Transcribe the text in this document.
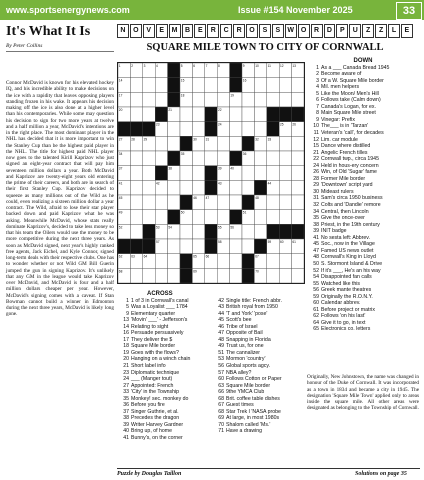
www.sportsenergynews.com	Issue #154 November 2025	33
It's What It Is
By Peter Collins
Connor McDavid is known for his elevated hockey IQ, and his incredible ability to make decisions on the ice with a rapidity that leaves opposing players standing frozen in his wake. It appears his decision making off the ice is also done at a higher level than his contemporaries. While some may question his decision to sign for two more years at twelve and a half million a year, McDavid's intentions are in the right place. The most dominant player in the NHL has decided that it is more important to win the Stanley Cup than be the highest paid player in the NHL. The title for highest paid NHL player now goes to the talented Kirill Kaprizov who just signed an eight-year contract that will pay him seventeen million dollars a year. Both McDavid and Kaprizov are twenty-eight years old entering the prime of their careers, and both are in search of their first Stanley Cup. Kaprizov decided to squeeze as many millions out of the Wild as he could, even realizing a sixteen million dollar a year contract. The Wild, afraid to lose their star player backed down and paid Kaprizov what he was asking. Meanwhile McDavid, whose stats really dominate Kaprizov's, decided to take less money so that his team the Oilers would use the money to be more competitive during the next three years. As soon as McDavid signed, next year's highly ranked free agents, Jack Eichel, and Kyle Connor, signed long-term deals with their respective clubs. One has to wonder whether or not Wild GM Bill Guerin jumped the gun in signing Kaprizov. It's unlikely that any GM in the league would take Kaprizov over McDavid, and McDavid is four and a half million dollars cheaper per year. However, McDavid's signing comes with a caveat. If Stan Bowman cannot build a winner in Edmonton during the next three years, McDavid is likely long gone.
N	O	V	E	M	B	E	R	C	R	O	S	S	W O	R	D	P	U	Z	Z	L	E
SQUARE MILE TOWN TO CITY OF CORNWALL
1	2	3	4	5	6	7	8	9	10	11	12	13
14	15	16
17	18	19
20	21	22
23	24	25	26
27	28	29	30	31	32	33
34	35	36
37	38	39	40
41	42	43	44
45	46	47	48
49	50	51
52	53	54	55	56
57	58	59	60	61
62	63	64	65	66	67
68	69	70
DOWN
1 As a ___ Canada Bread 1945
2 Become aware of
3 Of a W. Square Mile border
4 Mil. men helpers
5 Like the Moon/ Men's Hill
6 Follows take (Calm down)
7 Canada's Logan, for ex.
8 Main Square Mile street
9 Vinegar: Prefix
10 The___ is in 'Tarzan'
11 Veteran's 'call', for decades
12 Lim. car module
15 Dance where distilled
21 Angelic French tilles
22 Cornwall twp., circa 1945
24 Held in hous-ery concern
26 Win, of Old 'Sugar' fame
28 Former Mile border
29 'Downtown' script yard
30 Mideast rulers
31 Sam's circa 1950 business
32 Colts and 'Dandie' remore
34 Central, then Lincoln
35 Give the once-over
38 Priest, in the 19th century
39 INIT badge
41 No sesta left: Abbrev.
45 Soc., now in the Village
47 Famed US news outlet
48 Cornwall's King in Lloyd
50 S. Stormont Island & Drive
52 If it's ___, He's an his way
54 Disappointed fan calls
55 Watched like this
56 Greek mante theatres
59 Originally the R.O.N.Y.
60 Calendar abbrev.
61 Before project or matrix
62 Follows 'on his last'
64 Give it to go, in text
65 Electronics co. letters
ACROSS
1 1 of 3 in Cornwall's canal
5 Was a Loyalist ___ 1784
9 Elementary quarter
13 'Movin' ___' - Jefferson's
14 Relating to sight
16 Persuade persuasively
17 They deliver the $
18 Square Mile border
19 Goes with the flows?
20 Hanging on a winch chain
21 Short label info
23 Diplomatic technique
24 ___ (Manger tout)
27 Appointed: French
33 'City' in the Township
35 Monkey! sec. monkey do
36 Before you fire
37 Singer Guthrie, et al.
38 Precedes the dragon
39 Writer Harvey Gardner
40 Bring up, of home
41 Bunny's, on the corner
42 Single title: French abbr.
43 British royal from 1950
44 'T and York' 'pose'
45 Scott's bee
46 Tribe of Israel
47 Opposite of Bail
48 Snapping in Florida
49 Trust us, for one
51 The cannalizer
53 Mormon 'country'
56 Global sports agcy.
57 NBA alley?
60 Follows Cotton or Paper
63 Square Mile border
66 9the YMCA Club
68 Brit. coffee table dishes
67 Guest times
68 Star Trek I 'NASA probe
69 At large, in most 1980s
70 Shalom called 'Ms.'
71 Have a drawing
Originally, New Johnstown, the name was changed in honour of the Duke of Cornwall. It was incorporated as a town in 1834 and became a city in 1945. The designation 'Square Mile Town' applied only to areas inside the square mile. All other areas were designated as belonging to the Township of Cornwall.
Puzzle by Douglas Taillon	Solutions on page 35
